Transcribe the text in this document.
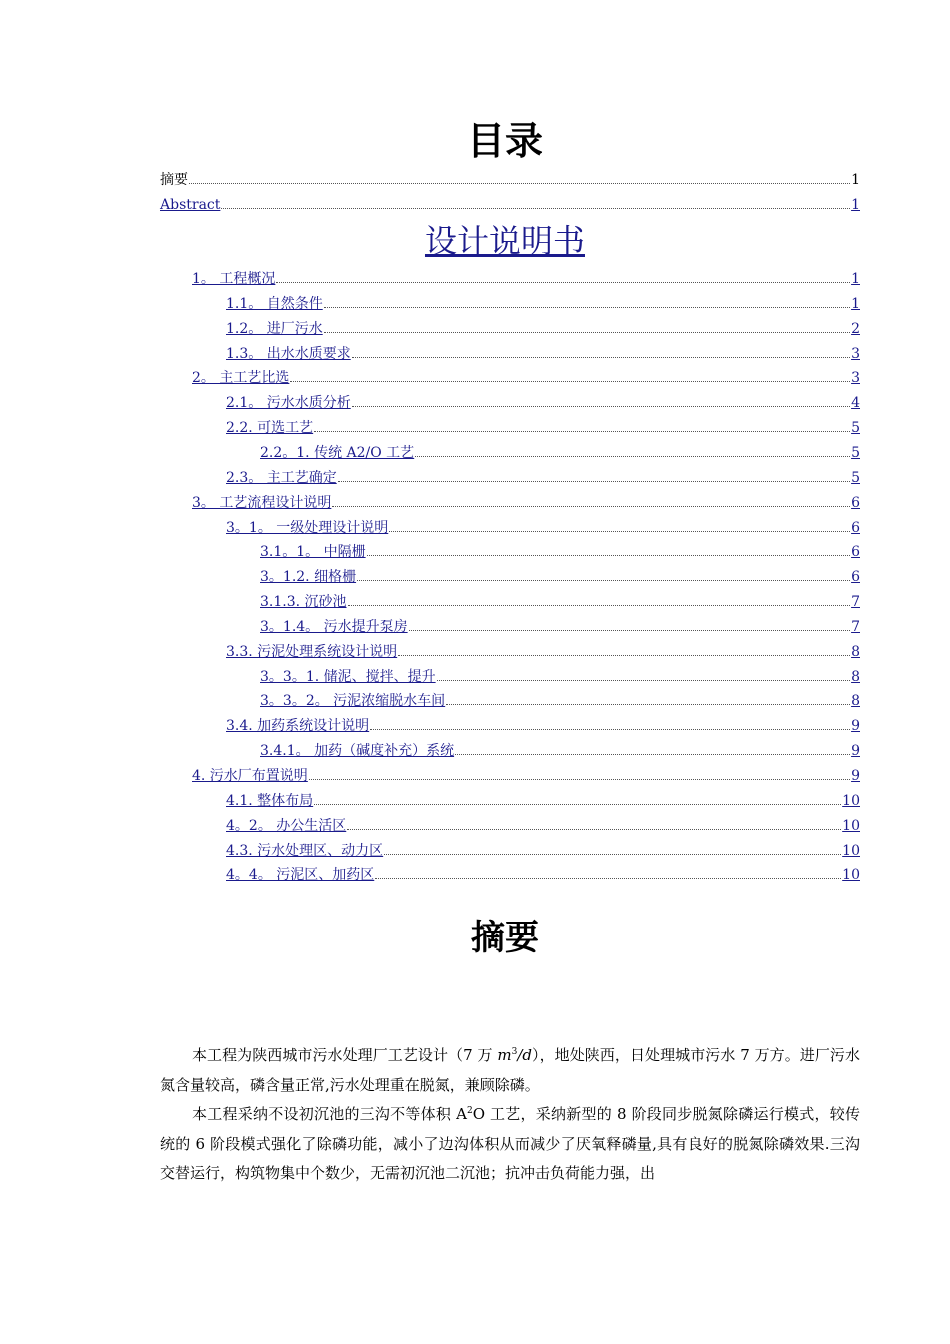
目录
摘要	1
Abstract	1
设计说明书
1。 工程概况	1
1.1。 自然条件	1
1.2。 进厂污水	2
1.3。 出水水质要求	3
2。 主工艺比选	3
2.1。 污水水质分析	4
2.2. 可选工艺	5
2.2。1. 传统 A2/O 工艺	5
2.3。 主工艺确定	5
3。 工艺流程设计说明	6
3。1。 一级处理设计说明	6
3.1。1。 中隔栅	6
3。1.2. 细格栅	6
3.1.3. 沉砂池	7
3。1.4。 污水提升泵房	7
3.3. 污泥处理系统设计说明	8
3。3。1. 储泥、搅拌、提升	8
3。3。2。 污泥浓缩脱水车间	8
3.4. 加药系统设计说明	9
3.4.1。 加药（碱度补充）系统	9
4. 污水厂布置说明	9
4.1. 整体布局	10
4。2。 办公生活区	10
4.3. 污水处理区、动力区	10
4。4。 污泥区、加药区	10
摘要

本工程为陕西城市污水处理厂工艺设计（7 万 $m^3/d$），地处陕西，日处理城市污水 7 万方。进厂污水氮含量较高，磷含量正常,污水处理重在脱氮，兼顾除磷。

本工程采纳不设初沉池的三沟不等体积 $A^2O$ 工艺，采纳新型的 8 阶段同步脱氮除磷运行模式，较传统的 6 阶段模式强化了除磷功能，减小了边沟体积从而减少了厌氧释磷量,具有良好的脱氮除磷效果.三沟交替运行，构筑物集中个数少，无需初沉池二沉池；抗冲击负荷能力强，出
